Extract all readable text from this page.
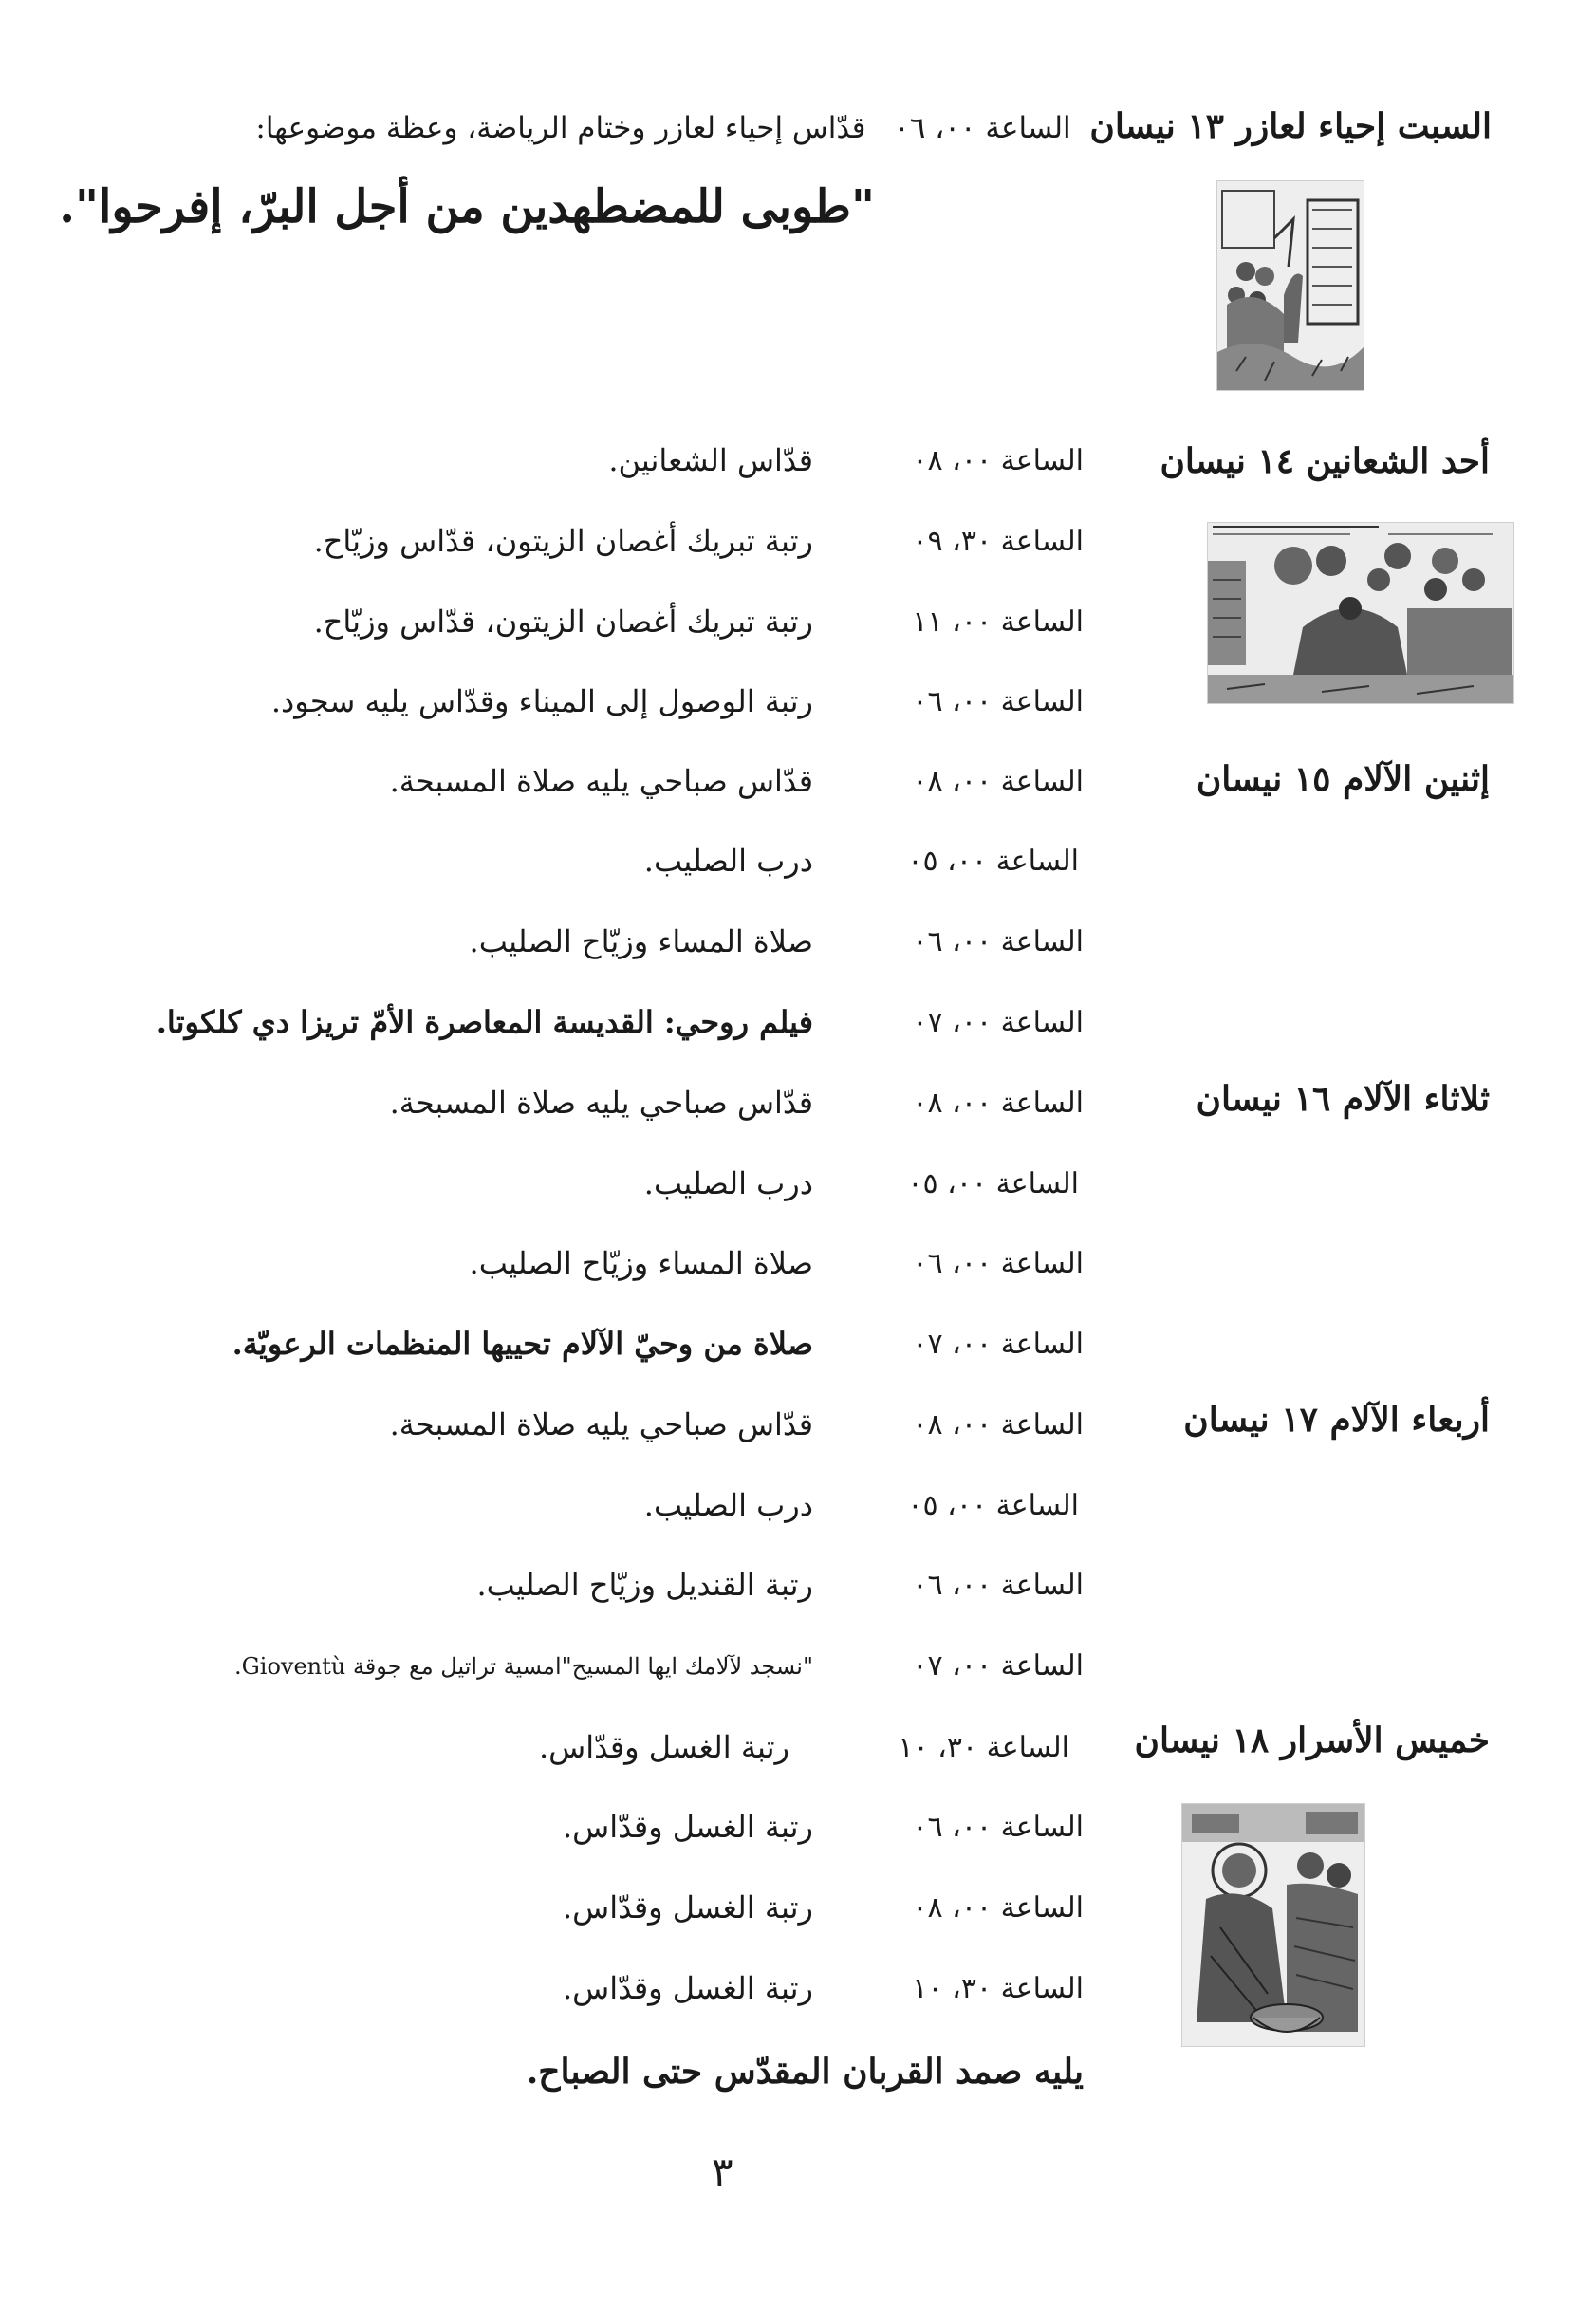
السبت إحياء لعازر ١٣ نيسان  الساعة ٠٠، ٠٦   قدّاس إحياء لعازر وختام الرياضة، وعظة موضوعها:
"طوبى للمضطهدين من أجل البرّ، إفرحوا".
أحد الشعانين ١٤ نيسان
إثنين الآلام ١٥ نيسان
ثلاثاء الآلام ١٦ نيسان
أربعاء الآلام ١٧ نيسان
خميس الأسرار ١٨ نيسان
الساعة ٠٠، ٠٨
قدّاس الشعانين.
الساعة ٣٠، ٠٩
رتبة تبريك أغصان الزيتون، قدّاس وزيّاح.
الساعة ٠٠، ١١
رتبة تبريك أغصان الزيتون، قدّاس وزيّاح.
الساعة ٠٠، ٠٦
رتبة الوصول إلى الميناء وقدّاس يليه سجود.
الساعة ٠٠، ٠٨
قدّاس صباحي يليه صلاة المسبحة.
الساعة ٠٠، ٠٥
درب الصليب.
الساعة ٠٠، ٠٦
صلاة المساء وزيّاح الصليب.
الساعة ٠٠، ٠٧
فيلم روحي: القديسة المعاصرة الأمّ تريزا دي كلكوتا.
الساعة ٠٠، ٠٨
قدّاس صباحي يليه صلاة المسبحة.
الساعة ٠٠، ٠٥
درب الصليب.
الساعة ٠٠، ٠٦
صلاة المساء وزيّاح الصليب.
الساعة ٠٠، ٠٧
صلاة من وحيّ الآلام تحييها المنظمات الرعويّة.
الساعة ٠٠، ٠٨
قدّاس صباحي يليه صلاة المسبحة.
الساعة ٠٠، ٠٥
درب الصليب.
الساعة ٠٠، ٠٦
رتبة القنديل وزيّاح الصليب.
الساعة ٠٠، ٠٧
"نسجد لآلامك ايها المسيح"امسية تراتيل مع جوقة Gioventù.
الساعة ٣٠، ١٠
رتبة الغسل وقدّاس.
الساعة ٠٠، ٠٦
رتبة الغسل وقدّاس.
الساعة ٠٠، ٠٨
رتبة الغسل وقدّاس.
الساعة ٣٠، ١٠
رتبة الغسل وقدّاس.
يليه صمد القربان المقدّس حتى الصباح.
٣
